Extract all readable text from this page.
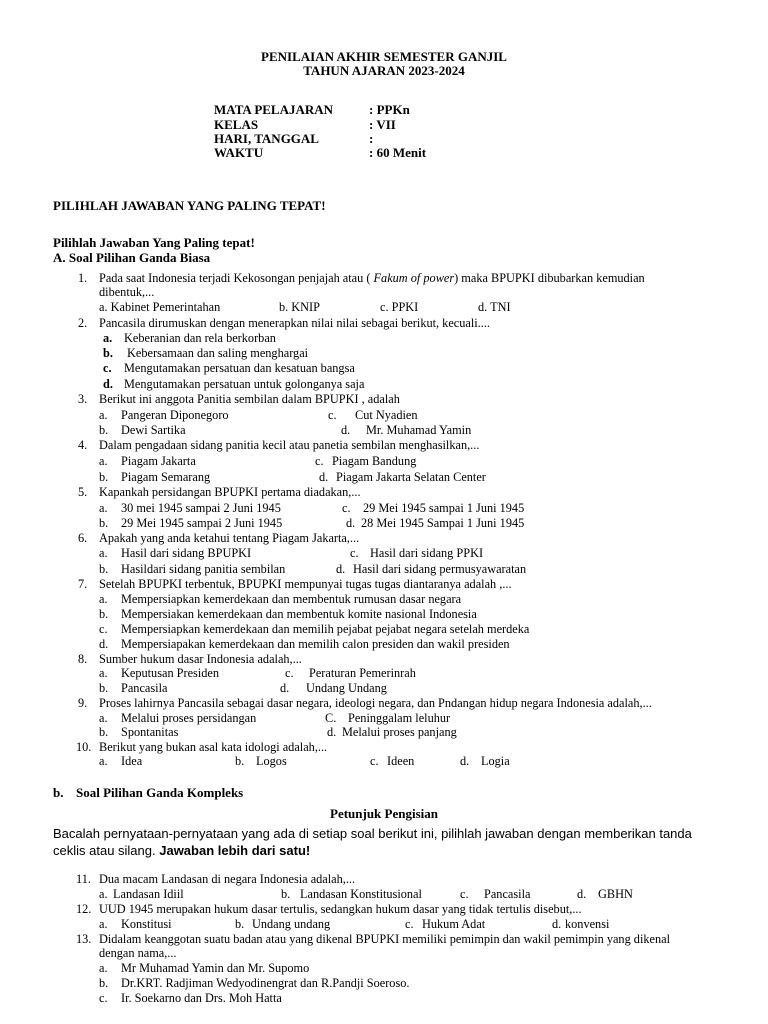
PENILAIAN AKHIR SEMESTER GANJIL
TAHUN AJARAN 2023-2024
MATA PELAJARAN	: PPKn
KELAS	: VII
HARI, TANGGAL	:
WAKTU	: 60 Menit
PILIHLAH JAWABAN YANG PALING TEPAT!
Pilihlah Jawaban Yang Paling tepat!
A. Soal Pilihan Ganda Biasa
1. Pada saat Indonesia terjadi Kekosongan penjajah atau ( Fakum of power) maka BPUPKI dibubarkan kemudian
dibentuk,...
a. Kabinet Pemerintahan	b. KNIP	c. PPKI	d. TNI
2. Pancasila dirumuskan dengan menerapkan nilai nilai sebagai berikut, kecuali....
a. Keberanian dan rela berkorban
b. Kebersamaan dan saling menghargai
c. Mengutamakan persatuan dan kesatuan bangsa
d. Mengutamakan persatuan untuk golonganya saja
3. Berikut ini anggota Panitia sembilan dalam BPUPKI , adalah
a. Pangeran Diponegoro	c. Cut Nyadien
b. Dewi Sartika	d. Mr. Muhamad Yamin
4. Dalam pengadaan sidang panitia kecil atau panetia sembilan menghasilkan,...
a. Piagam Jakarta	c. Piagam Bandung
b. Piagam Semarang	d. Piagam Jakarta Selatan Center
5. Kapankah persidangan BPUPKI pertama diadakan,...
a. 30 mei 1945 sampai 2 Juni 1945	c. 29 Mei 1945 sampai 1 Juni 1945
b. 29 Mei 1945 sampai 2 Juni 1945	d. 28 Mei 1945 Sampai 1 Juni 1945
6. Apakah yang anda ketahui tentang Piagam Jakarta,...
a. Hasil dari sidang BPUPKI	c. Hasil dari sidang PPKI
b. Hasildari sidang panitia sembilan	d. Hasil dari sidang permusyawaratan
7. Setelah BPUPKI terbentuk, BPUPKI mempunyai tugas tugas diantaranya adalah ,...
a. Mempersiapkan kemerdekaan dan membentuk rumusan dasar negara
b. Mempersiakan kemerdekaan dan membentuk komite nasional Indonesia
c. Mempersiapkan kemerdekaan dan memilih pejabat pejabat negara setelah merdeka
d. Mempersiapakan kemerdekaan dan memilih calon presiden dan wakil presiden
8. Sumber hukum dasar Indonesia adalah,...
a. Keputusan Presiden	c. Peraturan Pemerinrah
b. Pancasila	d. Undang Undang
9. Proses lahirnya Pancasila sebagai dasar negara, ideologi negara, dan Pndangan hidup negara Indonesia adalah,...
a. Melalui proses persidangan	C. Peninggalam leluhur
b. Spontanitas	d. Melalui proses panjang
10. Berikut yang bukan asal kata idologi adalah,...
a. Idea	b. Logos	c. Ideen	d. Logia
b. Soal Pilihan Ganda Kompleks
Petunjuk Pengisian
Bacalah pernyataan-pernyataan yang ada di setiap soal berikut ini, pilihlah jawaban dengan memberikan tanda
ceklis atau silang. Jawaban lebih dari satu!
11. Dua macam Landasan di negara Indonesia adalah,...
a. Landasan Idiil	b. Landasan Konstitusional	c. Pancasila	d. GBHN
12. UUD 1945 merupakan hukum dasar tertulis, sedangkan hukum dasar yang tidak tertulis disebut,...
a. Konstitusi	b. Undang undang	c. Hukum Adat	d. konvensi
13. Didalam keanggotan suatu badan atau yang dikenal BPUPKI memiliki pemimpin dan wakil pemimpin yang dikenal
dengan nama,...
a. Mr Muhamad Yamin dan Mr. Supomo
b. Dr.KRT. Radjiman Wedyodinengrat dan R.Pandji Soeroso.
c. Ir. Soekarno dan Drs. Moh Hatta
